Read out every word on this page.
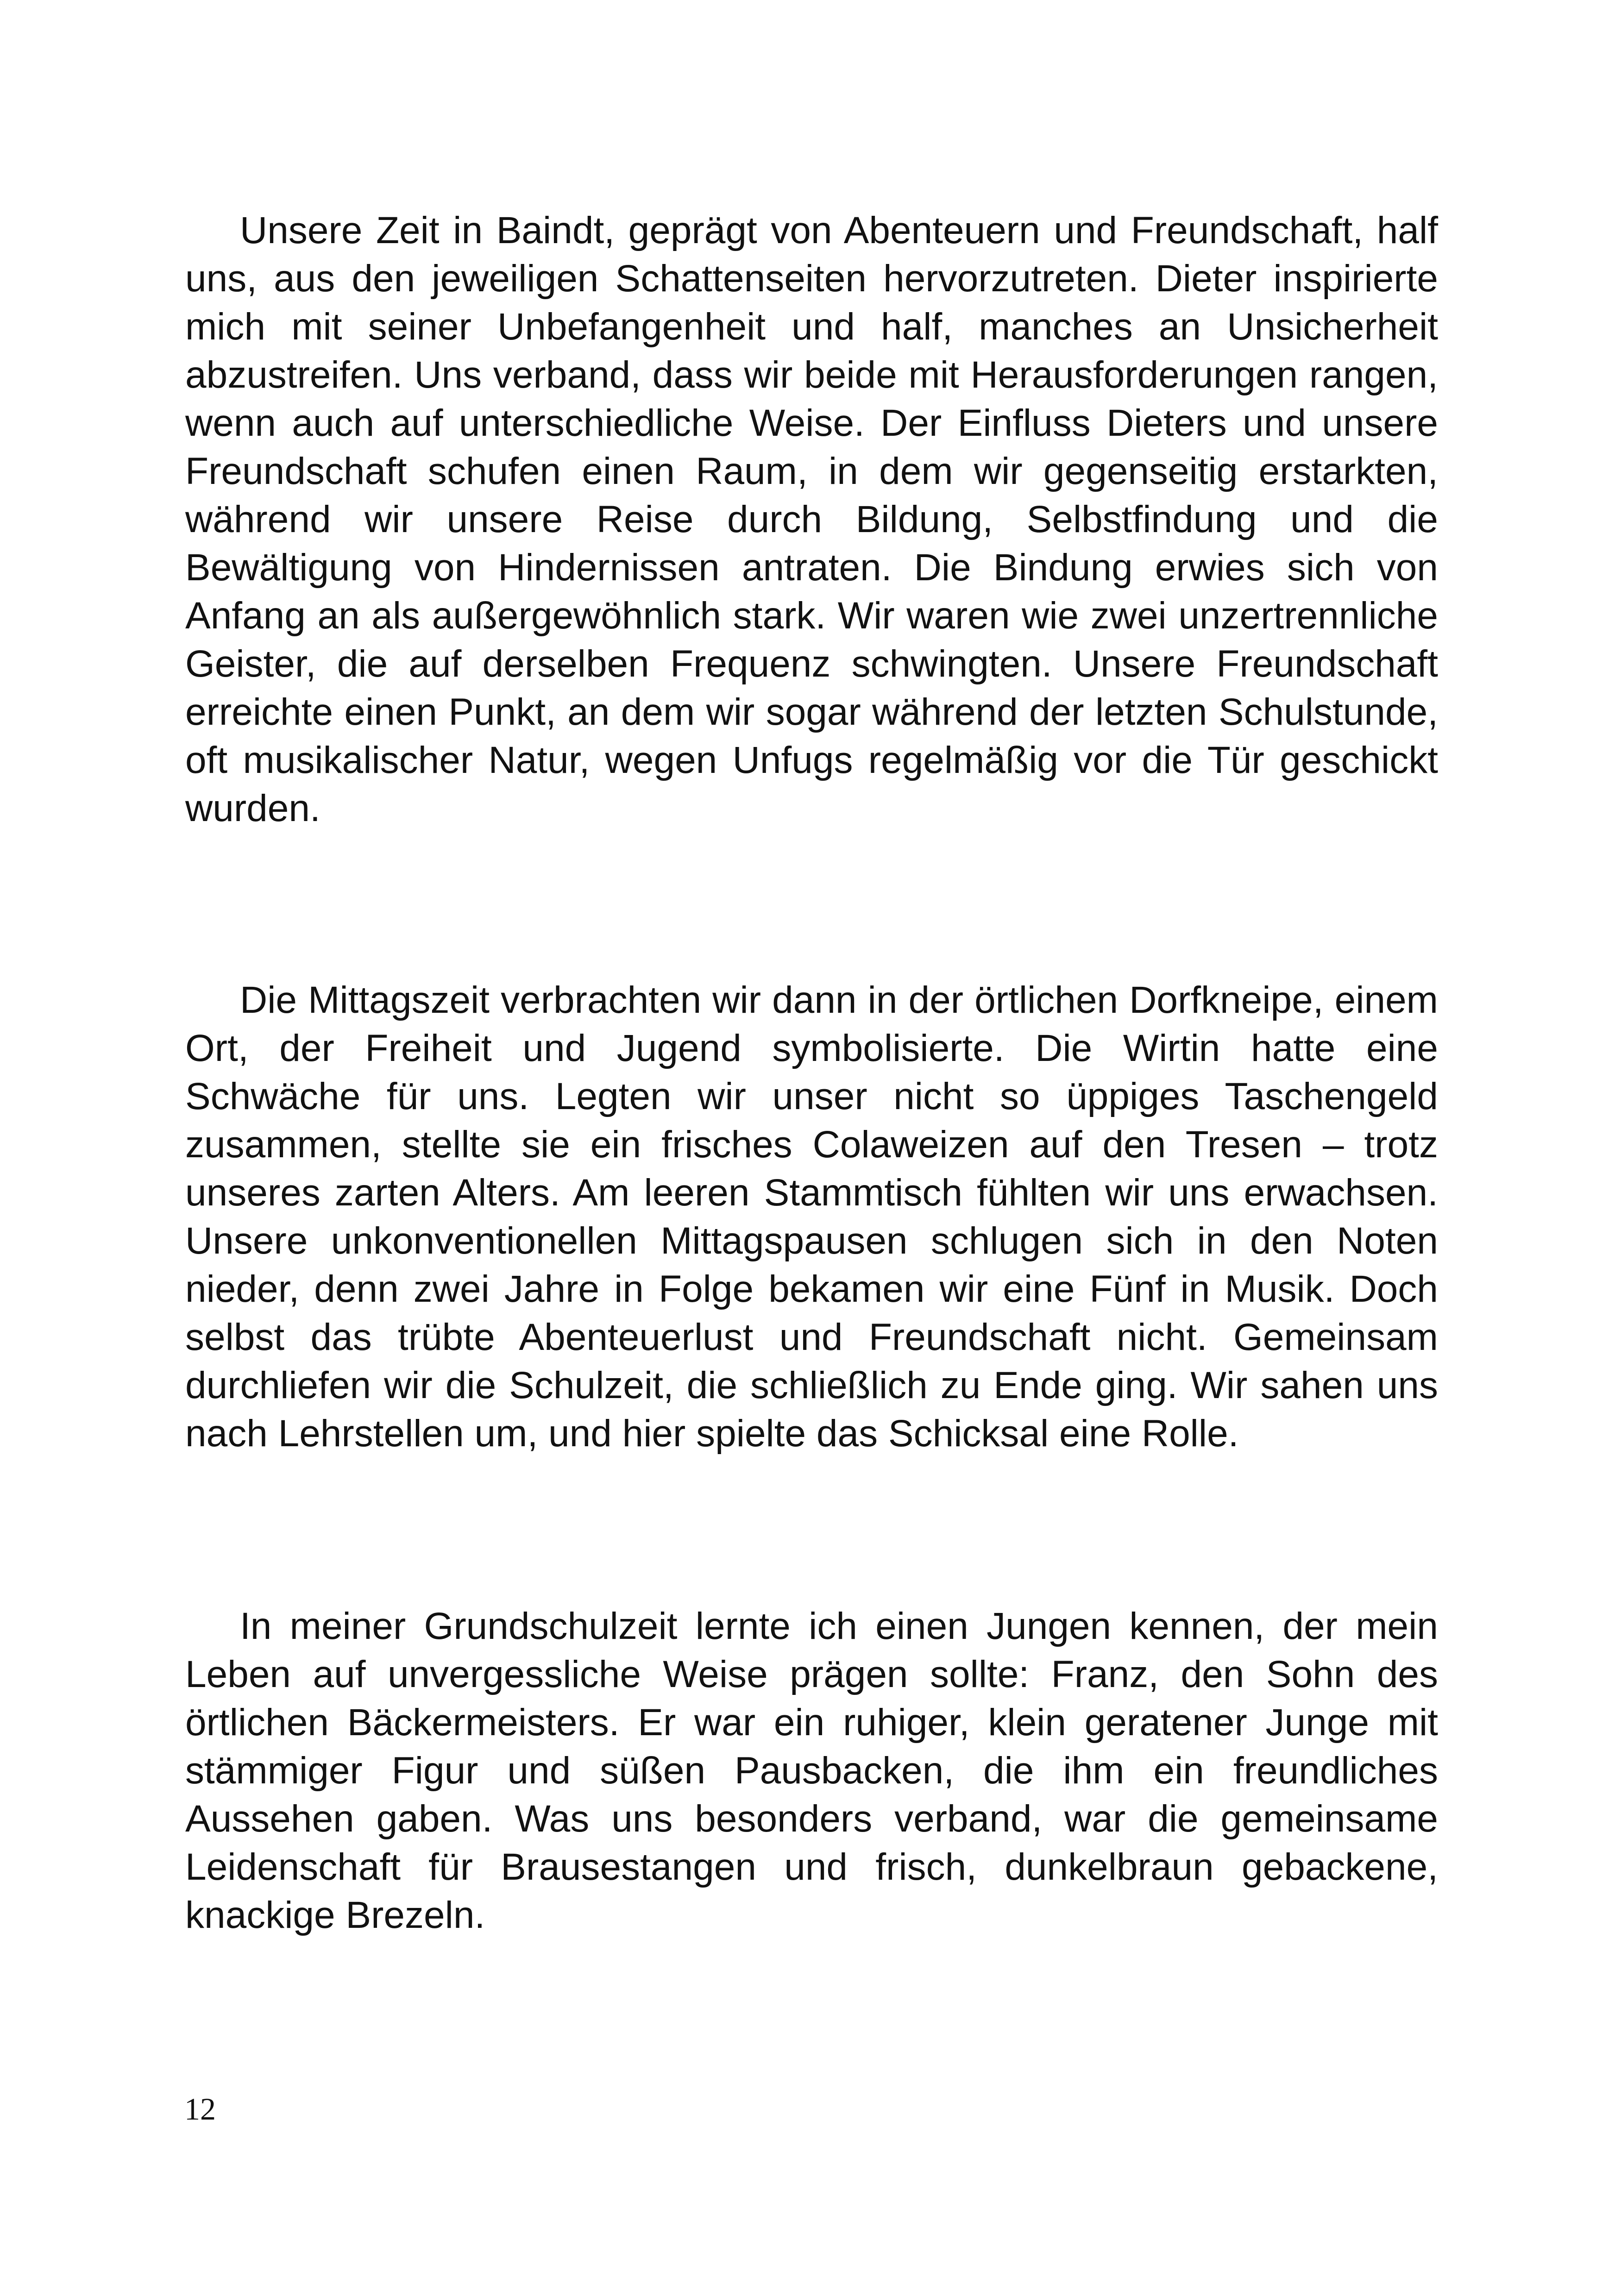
Unsere Zeit in Baindt, geprägt von Abenteuern und Freundschaft, half uns, aus den jeweiligen Schattenseiten hervorzutreten. Dieter inspirierte mich mit seiner Unbefangenheit und half, manches an Unsicherheit abzustreifen. Uns verband, dass wir beide mit Herausforderungen rangen, wenn auch auf unterschiedliche Weise. Der Einfluss Dieters und unsere Freundschaft schufen einen Raum, in dem wir gegenseitig erstarkten, während wir unsere Reise durch Bildung, Selbstfindung und die Bewältigung von Hindernissen antraten. Die Bindung erwies sich von Anfang an als außergewöhnlich stark. Wir waren wie zwei unzertrennliche Geister, die auf derselben Frequenz schwingten. Unsere Freundschaft erreichte einen Punkt, an dem wir sogar während der letzten Schulstunde, oft musikalischer Natur, wegen Unfugs regelmäßig vor die Tür geschickt wurden.

Die Mittagszeit verbrachten wir dann in der örtlichen Dorfkneipe, einem Ort, der Freiheit und Jugend symbolisierte. Die Wirtin hatte eine Schwäche für uns. Legten wir unser nicht so üppiges Taschengeld zusammen, stellte sie ein frisches Colaweizen auf den Tresen – trotz unseres zarten Alters. Am leeren Stammtisch fühlten wir uns erwachsen. Unsere unkonventionellen Mittagspausen schlugen sich in den Noten nieder, denn zwei Jahre in Folge bekamen wir eine Fünf in Musik. Doch selbst das trübte Abenteuerlust und Freundschaft nicht. Gemeinsam durchliefen wir die Schulzeit, die schließlich zu Ende ging. Wir sahen uns nach Lehrstellen um, und hier spielte das Schicksal eine Rolle.

In meiner Grundschulzeit lernte ich einen Jungen kennen, der mein Leben auf unvergessliche Weise prägen sollte: Franz, den Sohn des örtlichen Bäckermeisters. Er war ein ruhiger, klein geratener Junge mit stämmiger Figur und süßen Pausbacken, die ihm ein freundliches Aussehen gaben. Was uns besonders verband, war die gemeinsame Leidenschaft für Brausestangen und frisch, dunkelbraun gebackene, knackige Brezeln.

12
